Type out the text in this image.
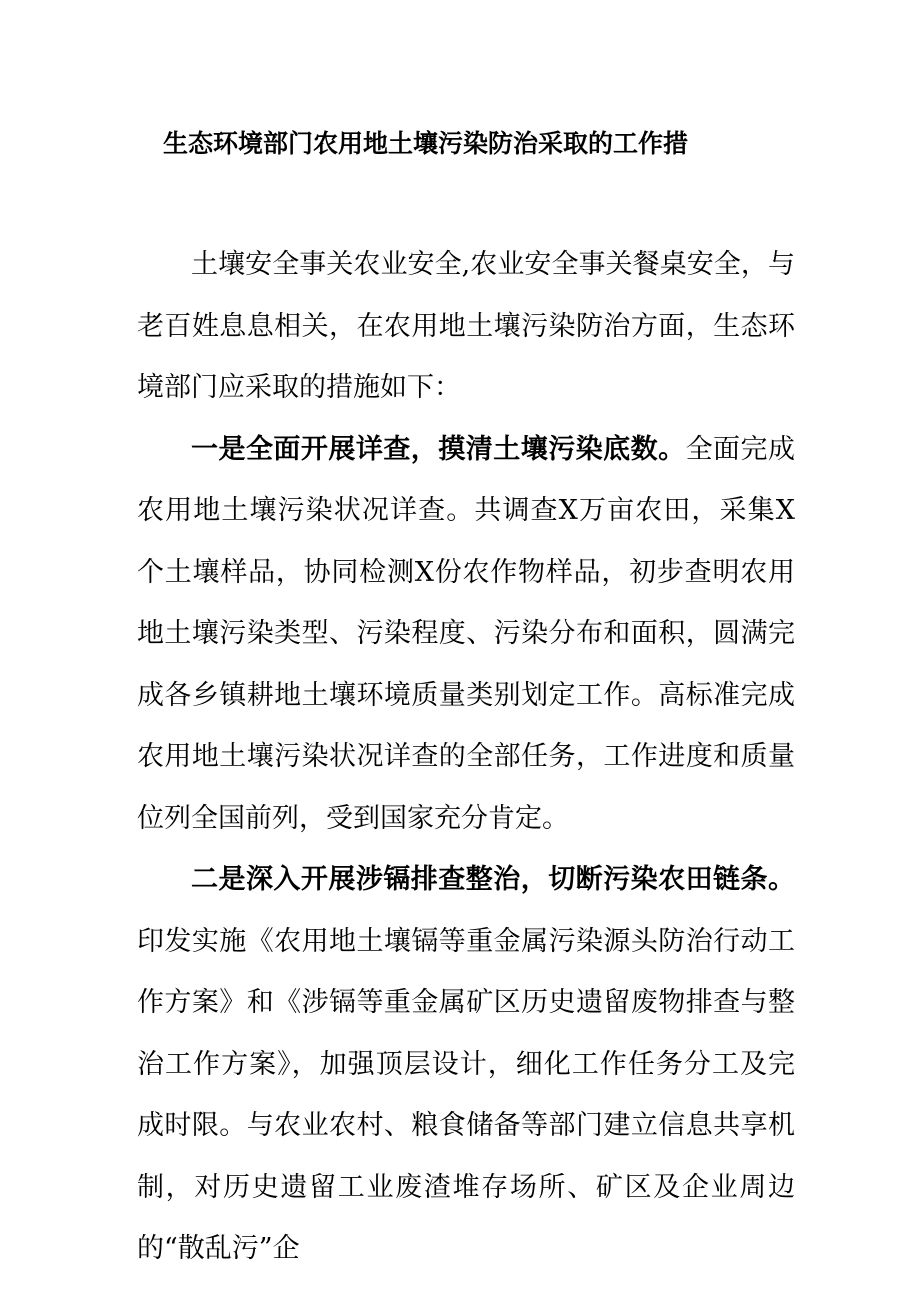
生态环境部门农用地土壤污染防治采取的工作措

土壤安全事关农业安全,农业安全事关餐桌安全，与老百姓息息相关，在农用地土壤污染防治方面，生态环境部门应采取的措施如下：

一是全面开展详查，摸清土壤污染底数。全面完成农用地土壤污染状况详查。共调查X万亩农田，采集X个土壤样品，协同检测X份农作物样品，初步查明农用地土壤污染类型、污染程度、污染分布和面积，圆满完成各乡镇耕地土壤环境质量类别划定工作。高标准完成农用地土壤污染状况详查的全部任务，工作进度和质量位列全国前列，受到国家充分肯定。

二是深入开展涉镉排查整治，切断污染农田链条。印发实施《农用地土壤镉等重金属污染源头防治行动工作方案》和《涉镉等重金属矿区历史遗留废物排查与整治工作方案》，加强顶层设计，细化工作任务分工及完成时限。与农业农村、粮食储备等部门建立信息共享机制，对历史遗留工业废渣堆存场所、矿区及企业周边的“散乱污”企
